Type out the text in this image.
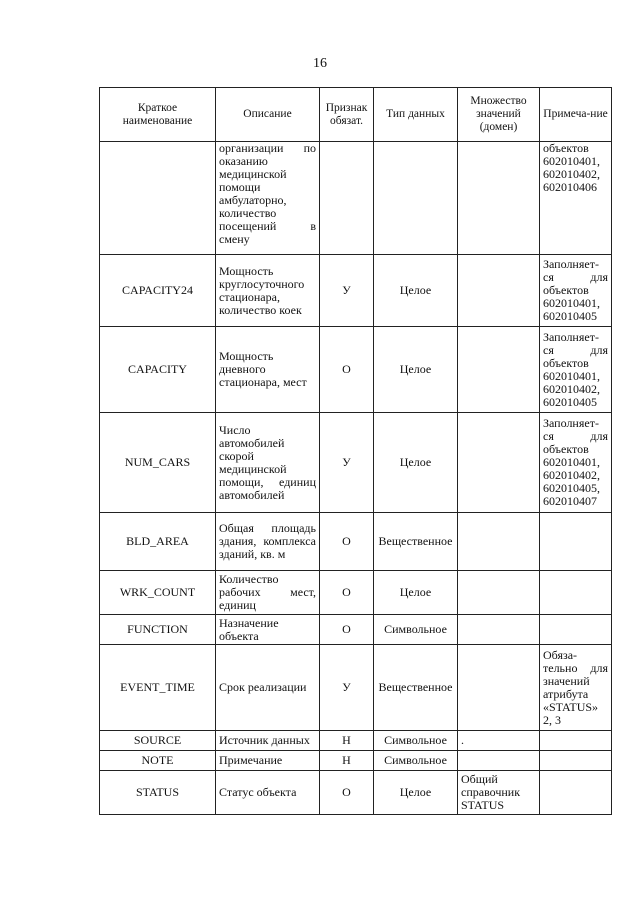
16
Краткое наименование	Описание	Признак обязат.	Тип данных	Множество значений (домен)	Примеча-ние
	организации по оказанию медицинской помощи амбулаторно, количество посещений в смену				объектов 602010401, 602010402, 602010406
CAPACITY24	Мощность круглосуточного стационара, количество коек	У	Целое		Заполняет-ся для объектов 602010401, 602010405
CAPACITY	Мощность дневного стационара, мест	О	Целое		Заполняет-ся для объектов 602010401, 602010402, 602010405
NUM_CARS	Число автомобилей скорой медицинской помощи, единиц автомобилей	У	Целое		Заполняет-ся для объектов 602010401, 602010402, 602010405, 602010407
BLD_AREA	Общая площадь здания, комплекса зданий, кв. м	О	Вещественное		
WRK_COUNT	Количество рабочих мест, единиц	О	Целое		
FUNCTION	Назначение объекта	О	Символьное		
EVENT_TIME	Срок реализации	У	Вещественное		Обяза-тельно для значений атрибута «STATUS» 2, 3
SOURCE	Источник данных	Н	Символьное	.	
NOTE	Примечание	Н	Символьное		
STATUS	Статус объекта	О	Целое	Общий справочник STATUS	
